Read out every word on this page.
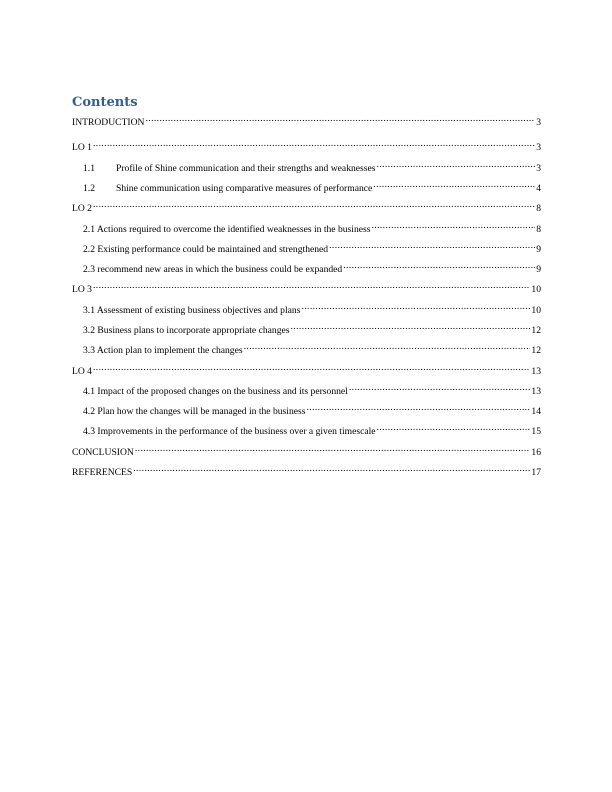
Contents
INTRODUCTION .....	3
LO 1 .....	3
1.1	Profile of Shine communication and their strengths and weaknesses .....	3
1.2	Shine communication using comparative measures of performance .....	4
LO 2 .....	8
2.1 Actions required to overcome the identified weaknesses in the business .....	8
2.2 Existing performance could be maintained and strengthened .....	9
2.3 recommend new areas in which the business could be expanded .....	9
LO 3 .....	10
3.1 Assessment of existing business objectives and plans .....	10
3.2 Business plans to incorporate appropriate changes .....	12
3.3 Action plan to implement the changes .....	12
LO 4 .....	13
4.1 Impact of the proposed changes on the business and its personnel .....	13
4.2 Plan how the changes will be managed in the business .....	14
4.3 Improvements in the performance of the business over a given timescale .....	15
CONCLUSION .....	16
REFERENCES .....	17
